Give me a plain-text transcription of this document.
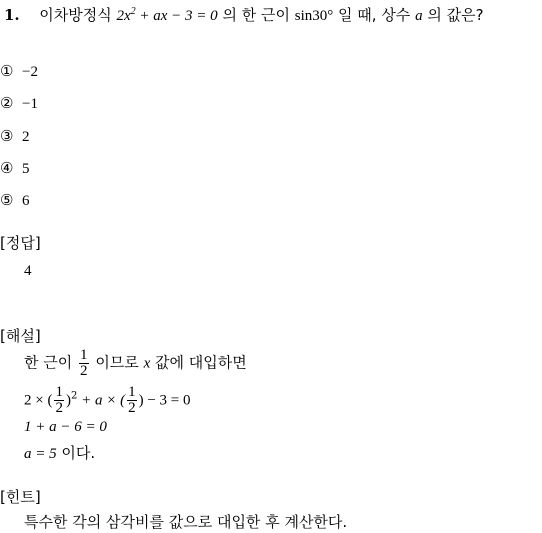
1. 이차방정식 $2x^2$ + ax − 3 = 0 의 한 근이 sin30° 일 때, 상수 a 의 값은?
① −2
② −1
③ 2
④ 5
⑤ 6
[정답]
4
[해설]
한 근이 $\frac{1}{2}$ 이므로 x 값에 대입하면
2 × ( $\frac{1}{2} )^2 + a$ × ( $\frac{1}{2}$ ) − 3 = 0
1 + a − 6 = 0
a = 5 이다.
[힌트]
특수한 각의 삼각비를 값으로 대입한 후 계산한다.
